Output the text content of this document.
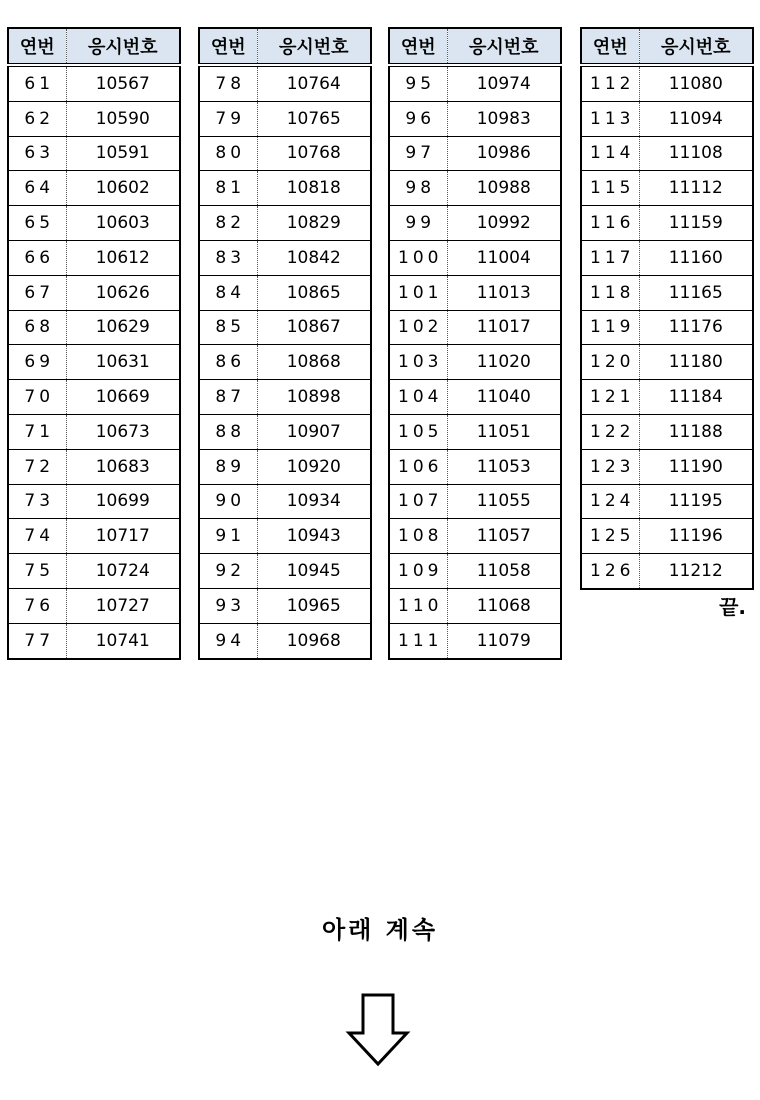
연번	응시번호
61	10567
62	10590
63	10591
64	10602
65	10603
66	10612
67	10626
68	10629
69	10631
70	10669
71	10673
72	10683
73	10699
74	10717
75	10724
76	10727
77	10741
연번	응시번호
78	10764
79	10765
80	10768
81	10818
82	10829
83	10842
84	10865
85	10867
86	10868
87	10898
88	10907
89	10920
90	10934
91	10943
92	10945
93	10965
94	10968
연번	응시번호
95	10974
96	10983
97	10986
98	10988
99	10992
100	11004
101	11013
102	11017
103	11020
104	11040
105	11051
106	11053
107	11055
108	11057
109	11058
110	11068
111	11079
연번	응시번호
112	11080
113	11094
114	11108
115	11112
116	11159
117	11160
118	11165
119	11176
120	11180
121	11184
122	11188
123	11190
124	11195
125	11196
126	11212
끝.
아래 계속
